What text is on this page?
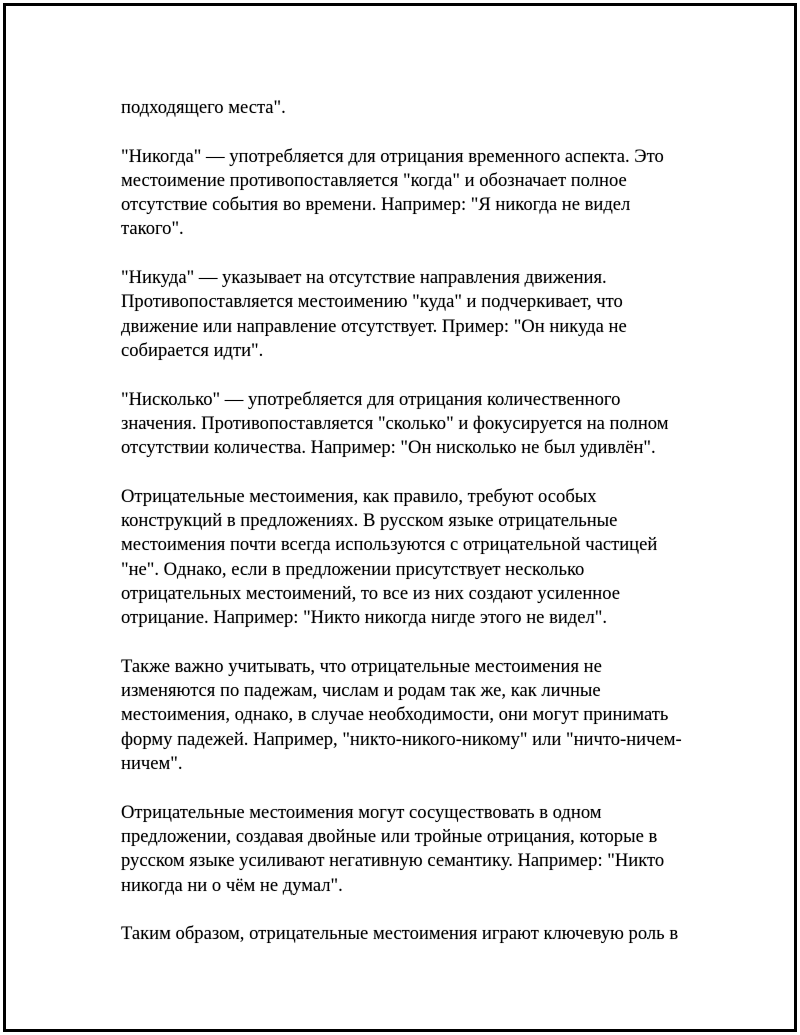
подходящего места".

"Никогда" — употребляется для отрицания временного аспекта. Это
местоимение противопоставляется "когда" и обозначает полное
отсутствие события во времени. Например: "Я никогда не видел
такого".

"Никуда" — указывает на отсутствие направления движения.
Противопоставляется местоимению "куда" и подчеркивает, что
движение или направление отсутствует. Пример: "Он никуда не
собирается идти".

"Нисколько" — употребляется для отрицания количественного
значения. Противопоставляется "сколько" и фокусируется на полном
отсутствии количества. Например: "Он нисколько не был удивлён".

Отрицательные местоимения, как правило, требуют особых
конструкций в предложениях. В русском языке отрицательные
местоимения почти всегда используются с отрицательной частицей
"не". Однако, если в предложении присутствует несколько
отрицательных местоимений, то все из них создают усиленное
отрицание. Например: "Никто никогда нигде этого не видел".

Также важно учитывать, что отрицательные местоимения не
изменяются по падежам, числам и родам так же, как личные
местоимения, однако, в случае необходимости, они могут принимать
форму падежей. Например, "никто-никого-никому" или "ничто-ничем-
ничем".

Отрицательные местоимения могут сосуществовать в одном
предложении, создавая двойные или тройные отрицания, которые в
русском языке усиливают негативную семантику. Например: "Никто
никогда ни о чём не думал".

Таким образом, отрицательные местоимения играют ключевую роль в
